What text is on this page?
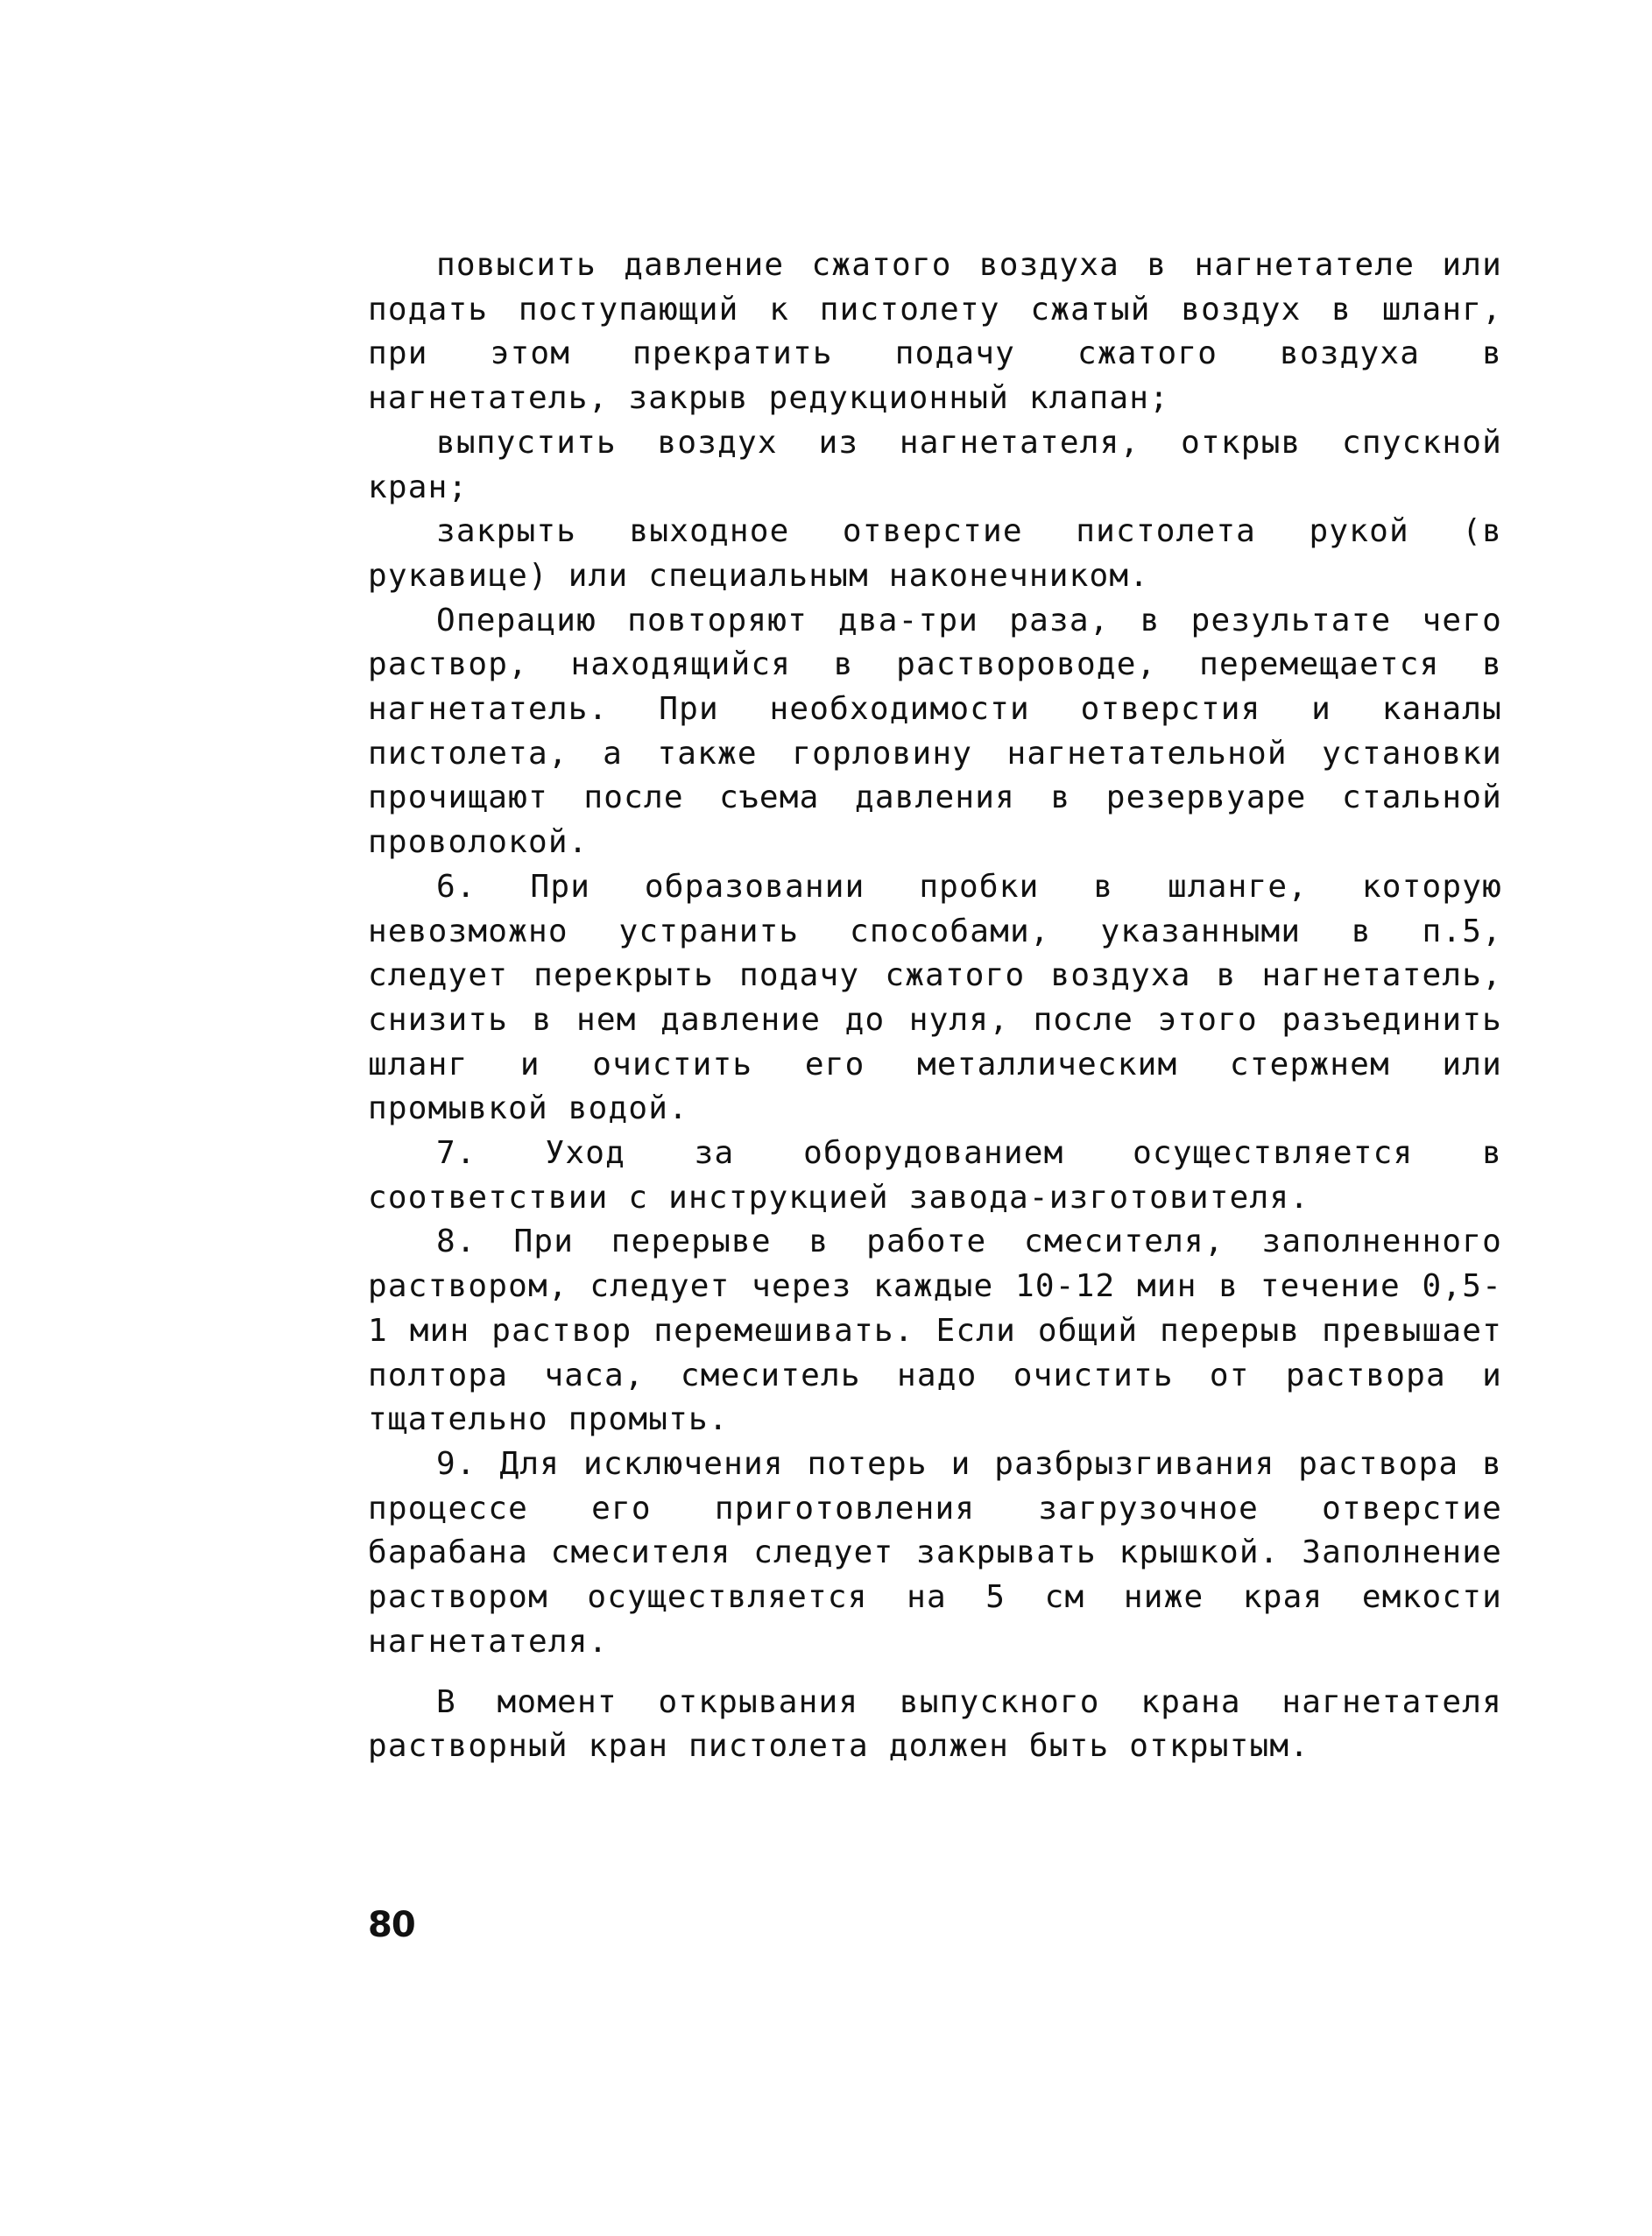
повысить давление сжатого воздуха в нагнетателе или подать поступающий к пистолету сжатый воздух в шланг, при этом прекратить подачу сжатого воздуха в нагнетатель, закрыв редукционный клапан;

выпустить воздух из нагнетателя, открыв спускной кран;

закрыть выходное отверстие пистолета рукой (в рукавице) или специальным наконечником.

Операцию повторяют два-три раза, в результате чего раствор, находящийся в раствороводе, перемещается в нагнетатель. При необходимости отверстия и каналы пистолета, а также горловину нагнетательной установки прочищают после съема давления в резервуаре стальной проволокой.

6. При образовании пробки в шланге, которую невозможно устранить способами, указанными в п.5, следует перекрыть подачу сжатого воздуха в нагнетатель, снизить в нем давление до нуля, после этого разъединить шланг и очистить его металлическим стержнем или промывкой водой.

7. Уход за оборудованием осуществляется в соответствии с инструкцией завода-изготовителя.

8. При перерыве в работе смесителя, заполненного раствором, следует через каждые 10-12 мин в течение 0,5-1 мин раствор перемешивать. Если общий перерыв превышает полтора часа, смеситель надо очистить от раствора и тщательно промыть.

9. Для исключения потерь и разбрызгивания раствора в процессе его приготовления загрузочное отверстие барабана смесителя следует закрывать крышкой. Заполнение раствором осуществляется на 5 см ниже края емкости нагнетателя.

В момент открывания выпускного крана нагнетателя растворный кран пистолета должен быть открытым.

80
